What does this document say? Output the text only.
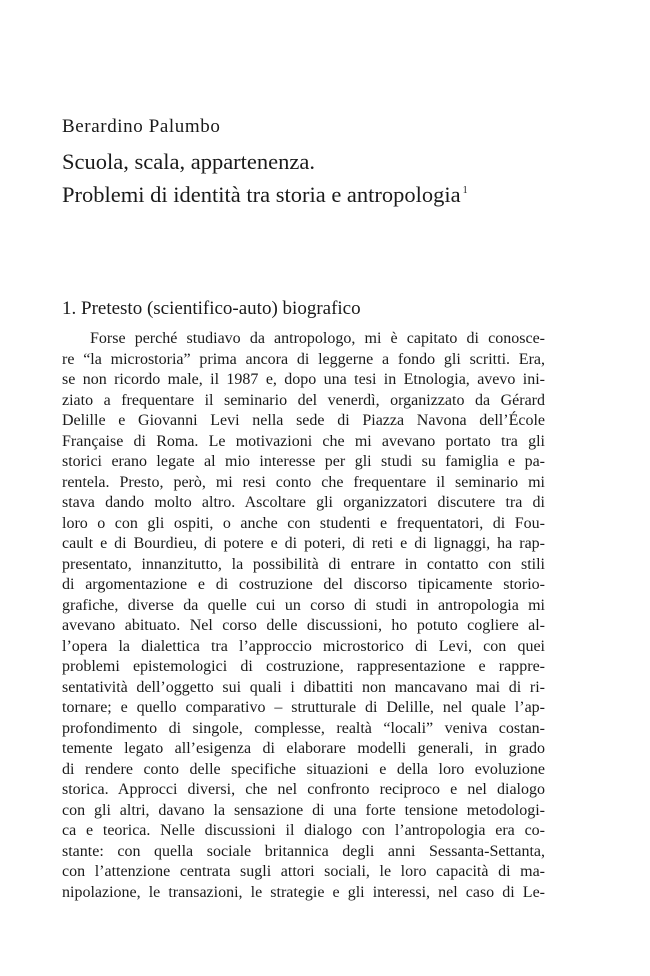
Berardino Palumbo
Scuola, scala, appartenenza.
Problemi di identità tra storia e antropologia $^1$
1. Pretesto (scientifico-auto) biografico
Forse perché studiavo da antropologo, mi è capitato di conosce-
re “la microstoria” prima ancora di leggerne a fondo gli scritti. Era,
se non ricordo male, il 1987 e, dopo una tesi in Etnologia, avevo ini-
ziato a frequentare il seminario del venerdì, organizzato da Gérard
Delille e Giovanni Levi nella sede di Piazza Navona dell’École
Française di Roma. Le motivazioni che mi avevano portato tra gli
storici erano legate al mio interesse per gli studi su famiglia e pa-
rentela. Presto, però, mi resi conto che frequentare il seminario mi
stava dando molto altro. Ascoltare gli organizzatori discutere tra di
loro o con gli ospiti, o anche con studenti e frequentatori, di Fou-
cault e di Bourdieu, di potere e di poteri, di reti e di lignaggi, ha rap-
presentato, innanzitutto, la possibilità di entrare in contatto con stili
di argomentazione e di costruzione del discorso tipicamente storio-
grafiche, diverse da quelle cui un corso di studi in antropologia mi
avevano abituato. Nel corso delle discussioni, ho potuto cogliere al-
l’opera la dialettica tra l’approccio microstorico di Levi, con quei
problemi epistemologici di costruzione, rappresentazione e rappre-
sentatività dell’oggetto sui quali i dibattiti non mancavano mai di ri-
tornare; e quello comparativo – strutturale di Delille, nel quale l’ap-
profondimento di singole, complesse, realtà “locali” veniva costan-
temente legato all’esigenza di elaborare modelli generali, in grado
di rendere conto delle specifiche situazioni e della loro evoluzione
storica. Approcci diversi, che nel confronto reciproco e nel dialogo
con gli altri, davano la sensazione di una forte tensione metodologi-
ca e teorica. Nelle discussioni il dialogo con l’antropologia era co-
stante: con quella sociale britannica degli anni Sessanta-Settanta,
con l’attenzione centrata sugli attori sociali, le loro capacità di ma-
nipolazione, le transazioni, le strategie e gli interessi, nel caso di Le-
